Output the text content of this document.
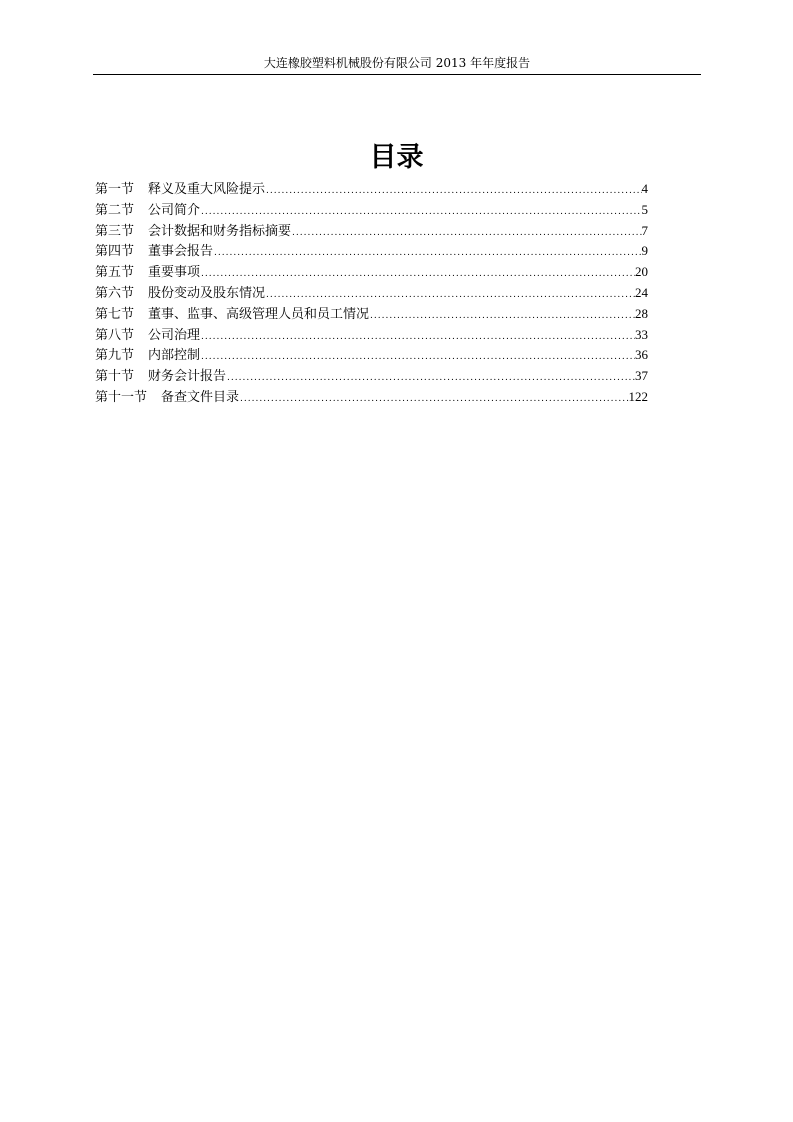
大连橡胶塑料机械股份有限公司 2013 年年度报告
目录
第一节	释义及重大风险提示 .....	4
第二节	公司简介 .....	5
第三节	会计数据和财务指标摘要 .....	7
第四节	董事会报告 .....	9
第五节	重要事项 .....	20
第六节	股份变动及股东情况 .....	24
第七节	董事、监事、高级管理人员和员工情况 .....	28
第八节	公司治理 .....	33
第九节	内部控制 .....	36
第十节	财务会计报告 .....	37
第十一节	备查文件目录 .....	122
